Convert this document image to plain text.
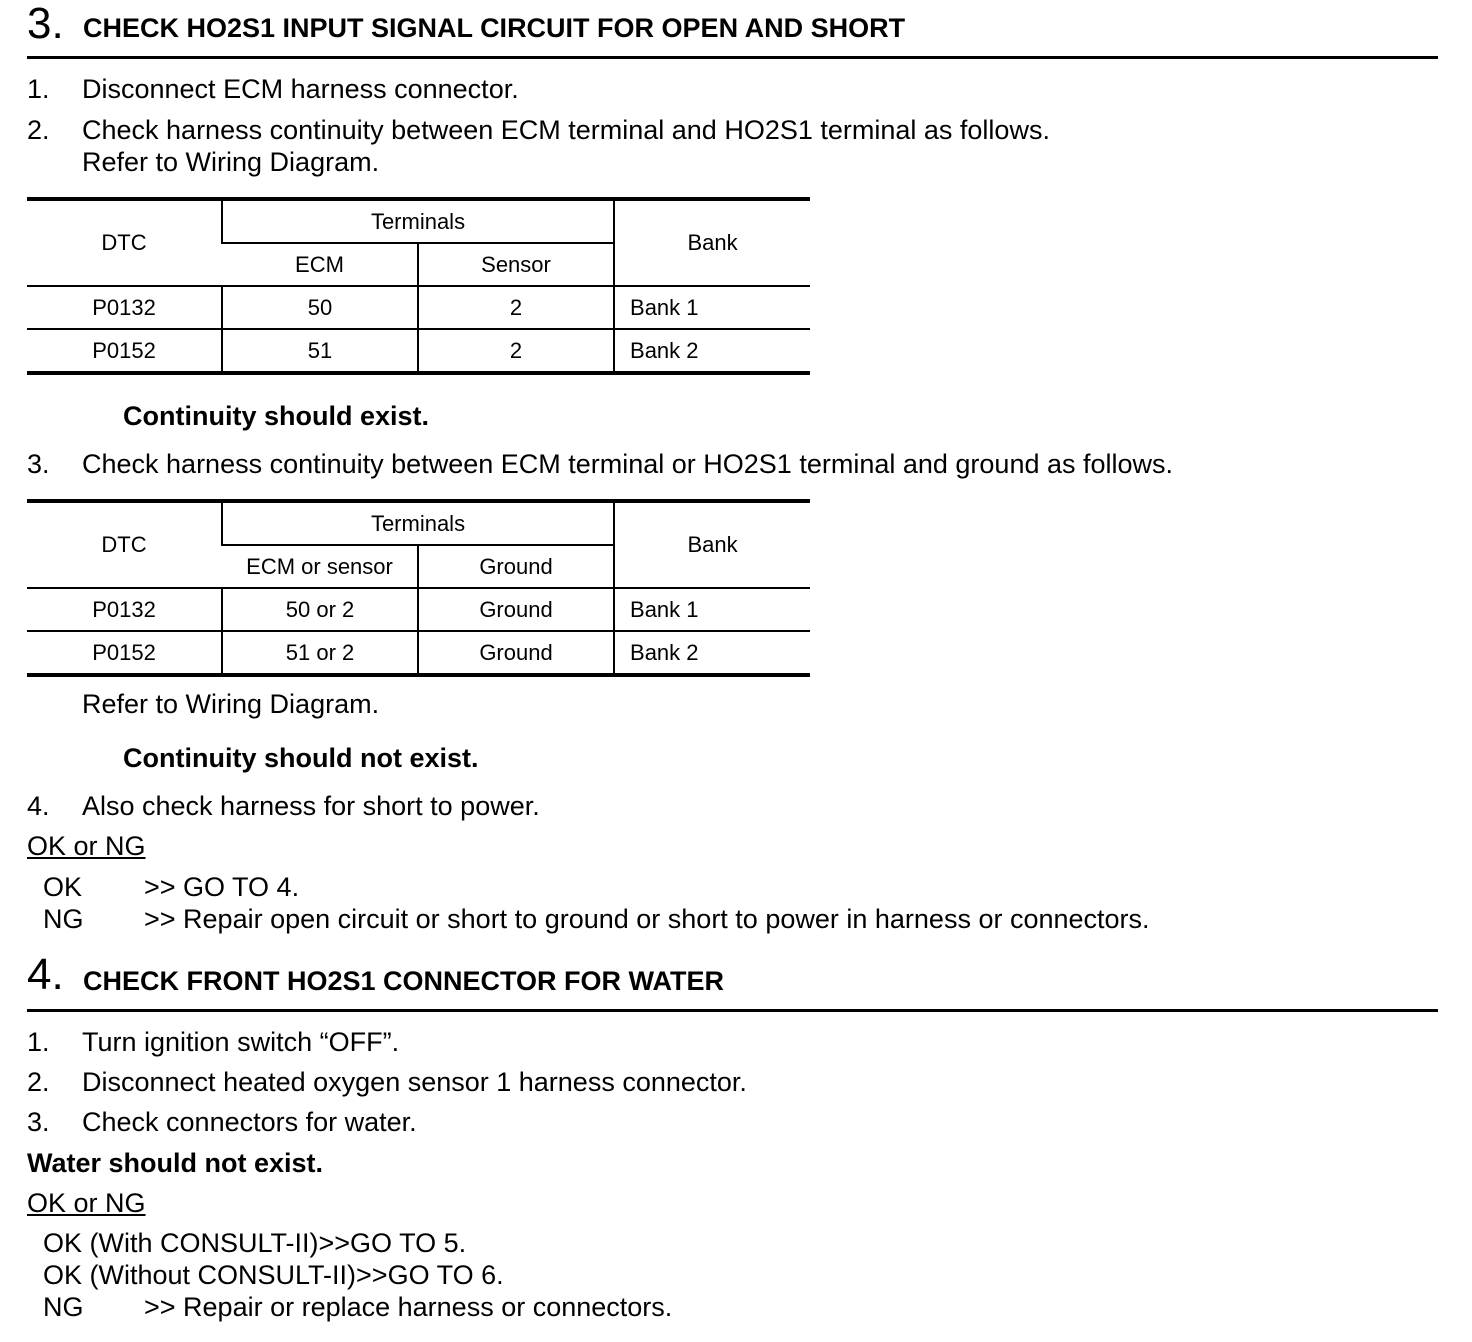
3. CHECK HO2S1 INPUT SIGNAL CIRCUIT FOR OPEN AND SHORT
1. Disconnect ECM harness connector.
2. Check harness continuity between ECM terminal and HO2S1 terminal as follows.
Refer to Wiring Diagram.
DTC	Terminals		Bank
	ECM	Sensor	
P0132	50	2	Bank 1
P0152	51	2	Bank 2
Continuity should exist.
3. Check harness continuity between ECM terminal or HO2S1 terminal and ground as follows.
DTC	Terminals		Bank
	ECM or sensor	Ground	
P0132	50 or 2	Ground	Bank 1
P0152	51 or 2	Ground	Bank 2
Refer to Wiring Diagram.
Continuity should not exist.
4. Also check harness for short to power.
OK or NG
OK >> GO TO 4.
NG >> Repair open circuit or short to ground or short to power in harness or connectors.
4. CHECK FRONT HO2S1 CONNECTOR FOR WATER
1. Turn ignition switch “OFF”.
2. Disconnect heated oxygen sensor 1 harness connector.
3. Check connectors for water.
Water should not exist.
OK or NG
OK (With CONSULT-II)>>GO TO 5.
OK (Without CONSULT-II)>>GO TO 6.
NG >> Repair or replace harness or connectors.
